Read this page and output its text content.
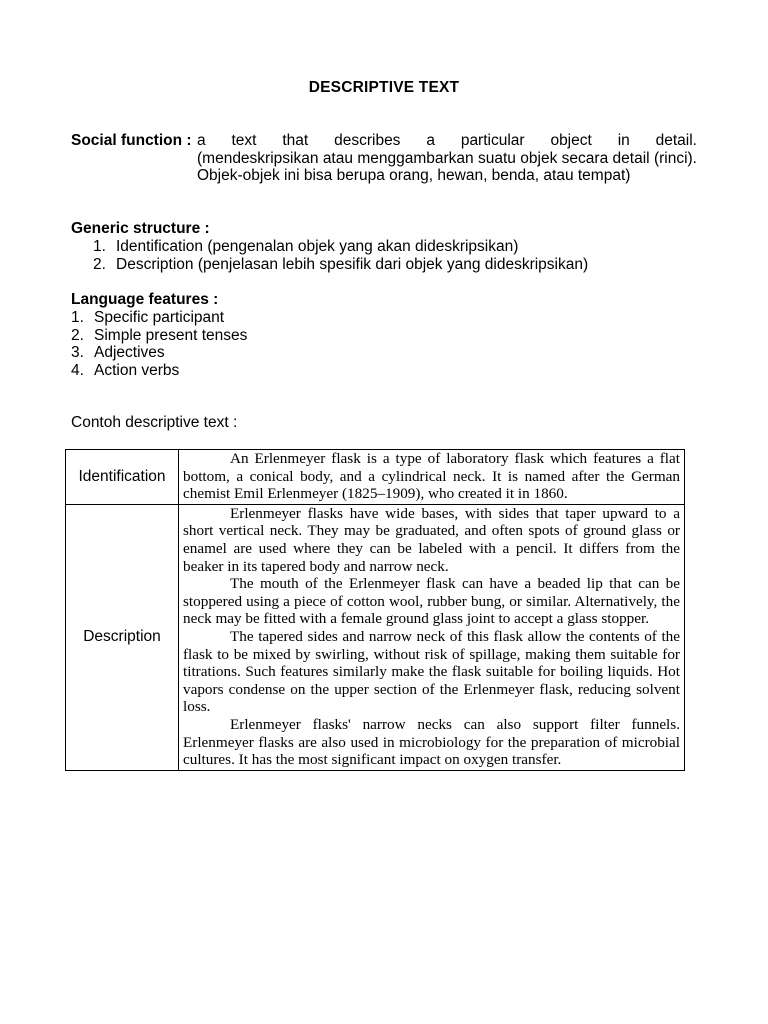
DESCRIPTIVE TEXT
Social function : a text that describes a particular object in detail.
(mendeskripsikan atau menggambarkan suatu objek secara detail (rinci). Objek-objek ini bisa berupa orang, hewan, benda, atau tempat)
Generic structure :
1. Identification (pengenalan objek yang akan dideskripsikan)
2. Description (penjelasan lebih spesifik dari objek yang dideskripsikan)
Language features :
1. Specific participant
2. Simple present tenses
3. Adjectives
4. Action verbs
Contoh descriptive text :
Identification	An Erlenmeyer flask is a type of laboratory flask which features a flat bottom, a conical body, and a cylindrical neck. It is named after the German chemist Emil Erlenmeyer (1825–1909), who created it in 1860.

Description	Erlenmeyer flasks have wide bases, with sides that taper upward to a short vertical neck. They may be graduated, and often spots of ground glass or enamel are used where they can be labeled with a pencil. It differs from the beaker in its tapered body and narrow neck.

The mouth of the Erlenmeyer flask can have a beaded lip that can be stoppered using a piece of cotton wool, rubber bung, or similar. Alternatively, the neck may be fitted with a female ground glass joint to accept a glass stopper.

The tapered sides and narrow neck of this flask allow the contents of the flask to be mixed by swirling, without risk of spillage, making them suitable for titrations. Such features similarly make the flask suitable for boiling liquids. Hot vapors condense on the upper section of the Erlenmeyer flask, reducing solvent loss.

Erlenmeyer flasks' narrow necks can also support filter funnels. Erlenmeyer flasks are also used in microbiology for the preparation of microbial cultures. It has the most significant impact on oxygen transfer.
